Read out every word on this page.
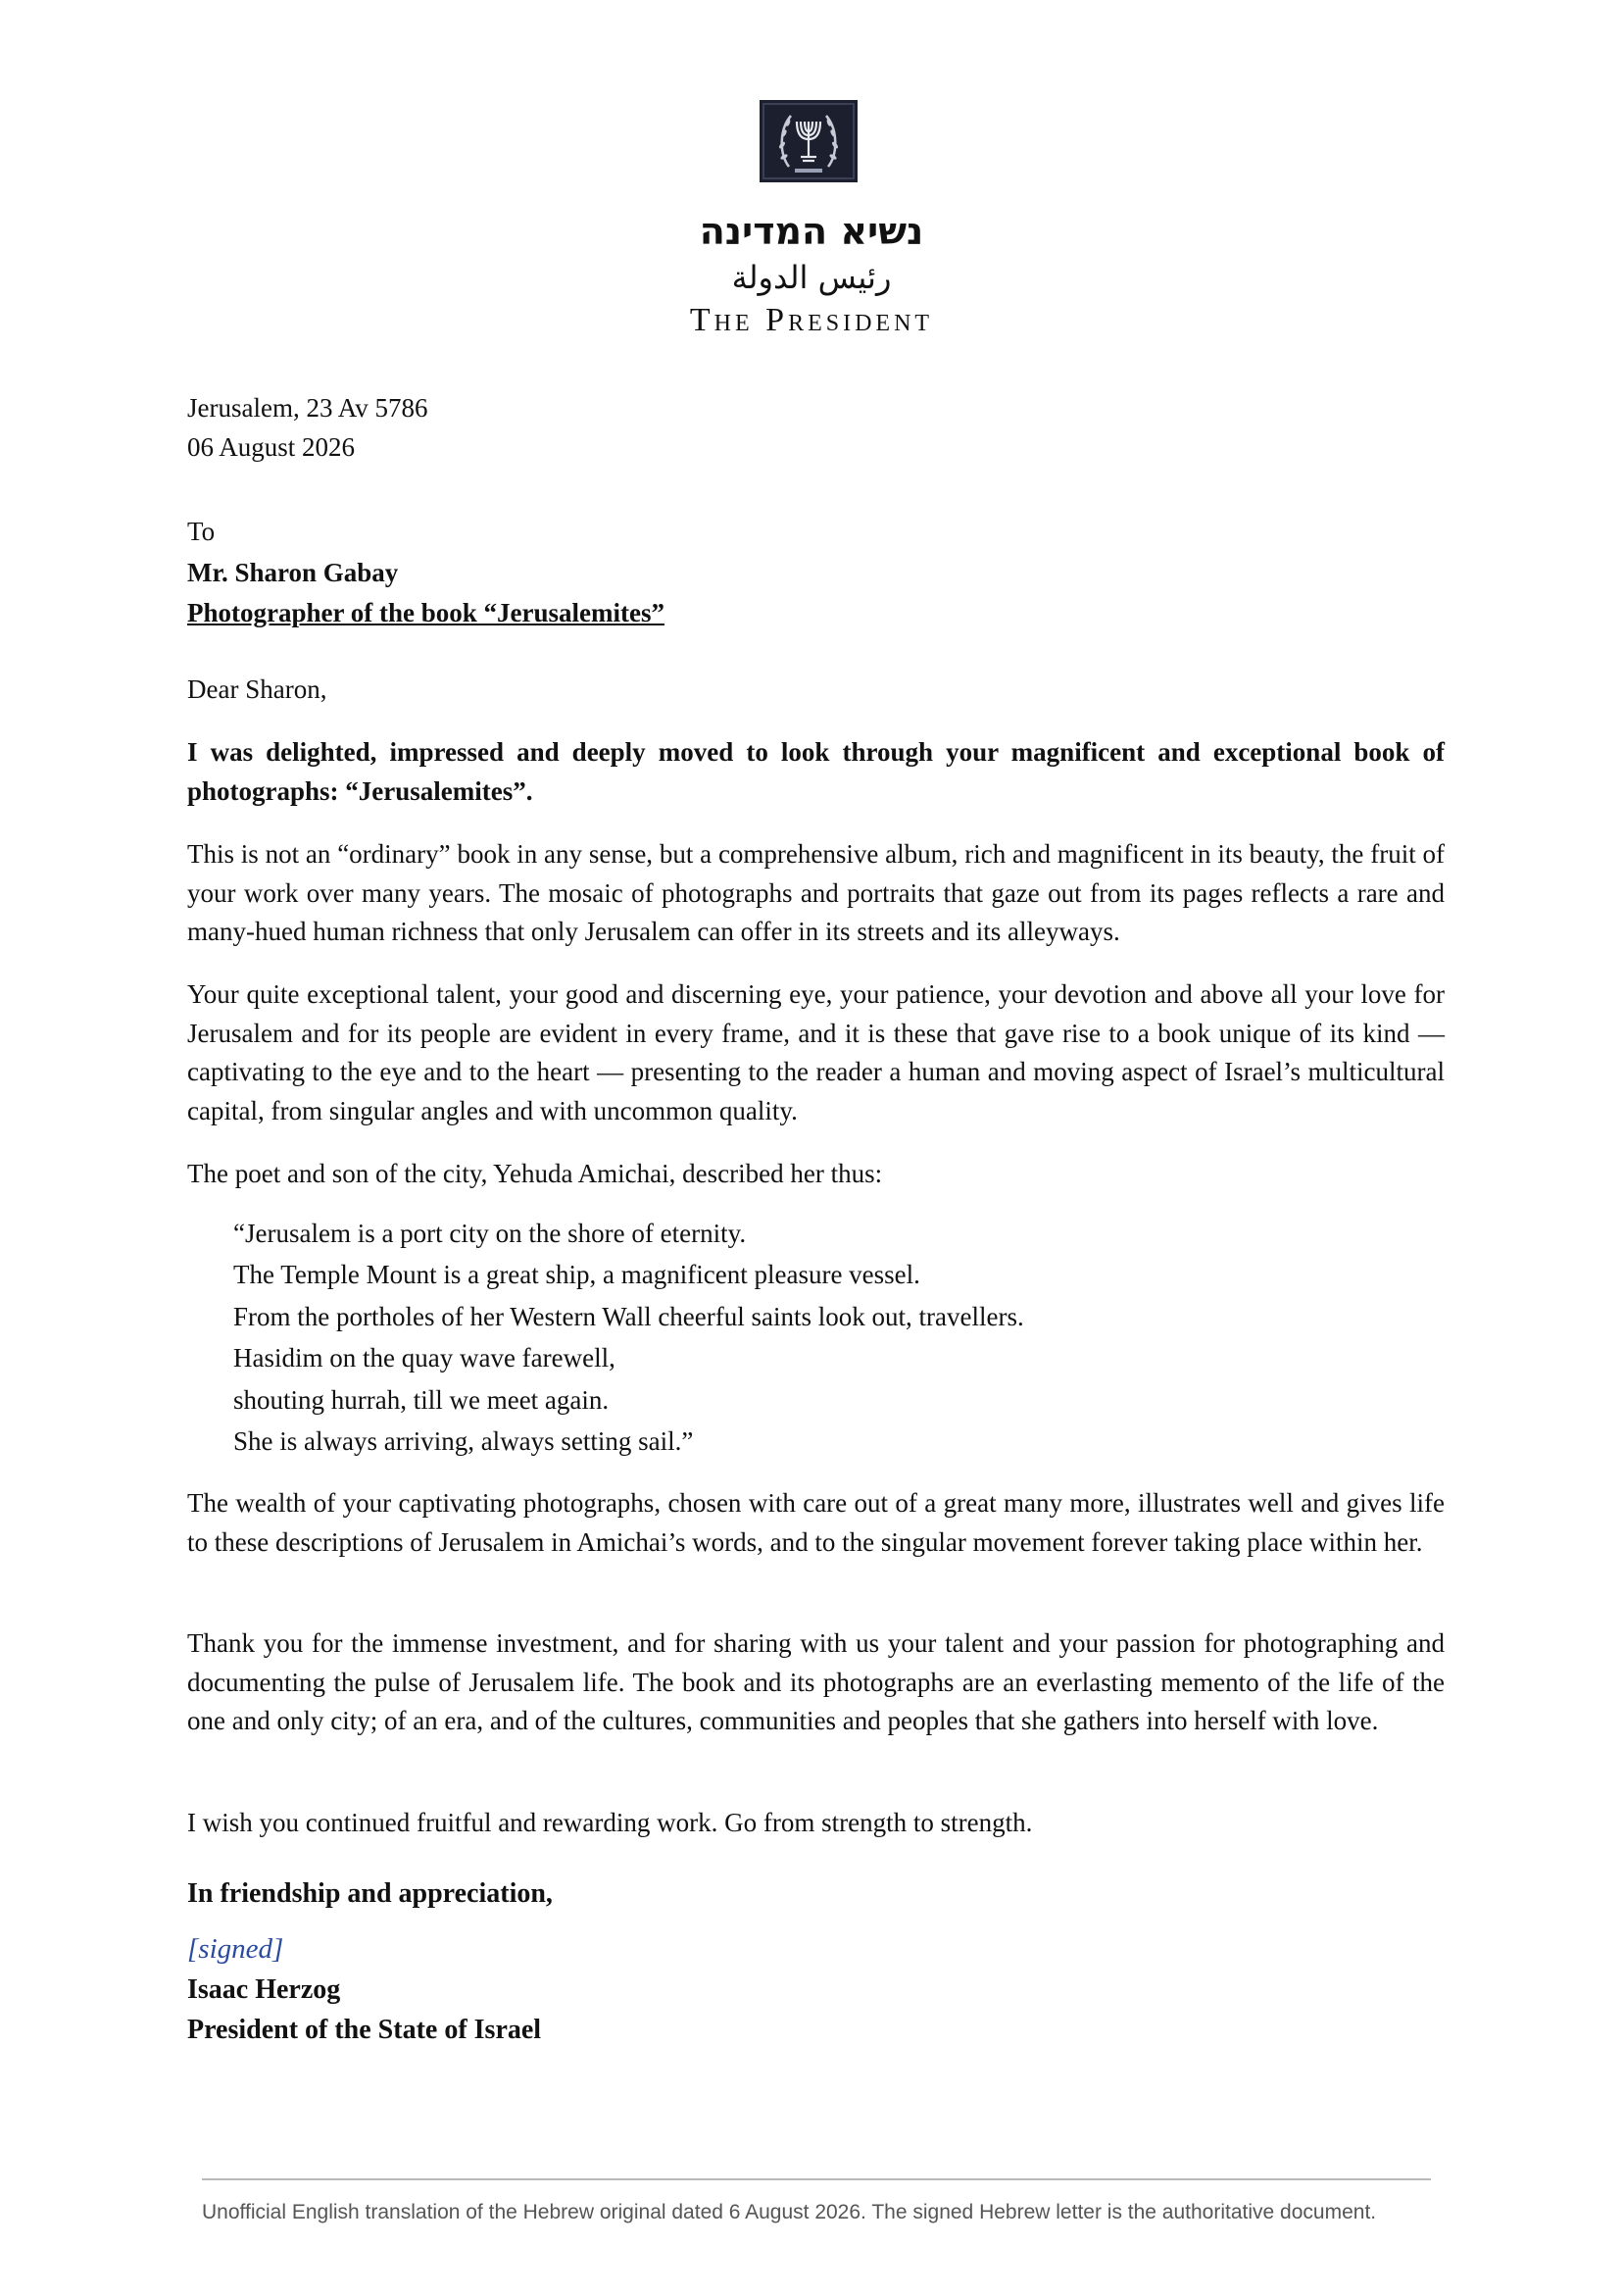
נשיא המדינה
رئيس الدولة
The President
Jerusalem, 23 Av 5786
06 August 2026
To
Mr. Sharon Gabay
Photographer of the book “Jerusalemites”
Dear Sharon,
I was delighted, impressed and deeply moved to look through your magnificent and exceptional book of photographs: “Jerusalemites”.
This is not an “ordinary” book in any sense, but a comprehensive album, rich and magnificent in its beauty, the fruit of your work over many years. The mosaic of photographs and portraits that gaze out from its pages reflects a rare and many-hued human richness that only Jerusalem can offer in its streets and its alleyways.
Your quite exceptional talent, your good and discerning eye, your patience, your devotion and above all your love for Jerusalem and for its people are evident in every frame, and it is these that gave rise to a book unique of its kind — captivating to the eye and to the heart — presenting to the reader a human and moving aspect of Israel’s multicultural capital, from singular angles and with uncommon quality.
The poet and son of the city, Yehuda Amichai, described her thus:
“Jerusalem is a port city on the shore of eternity.
The Temple Mount is a great ship, a magnificent pleasure vessel.
From the portholes of her Western Wall cheerful saints look out, travellers.
Hasidim on the quay wave farewell,
shouting hurrah, till we meet again.
She is always arriving, always setting sail.”
The wealth of your captivating photographs, chosen with care out of a great many more, illustrates well and gives life to these descriptions of Jerusalem in Amichai’s words, and to the singular movement forever taking place within her.
Thank you for the immense investment, and for sharing with us your talent and your passion for photographing and documenting the pulse of Jerusalem life. The book and its photographs are an everlasting memento of the life of the one and only city; of an era, and of the cultures, communities and peoples that she gathers into herself with love.
I wish you continued fruitful and rewarding work. Go from strength to strength.
In friendship and appreciation,
[signed]
Isaac Herzog
President of the State of Israel
Unofficial English translation of the Hebrew original dated 6 August 2026. The signed Hebrew letter is the authoritative document.
